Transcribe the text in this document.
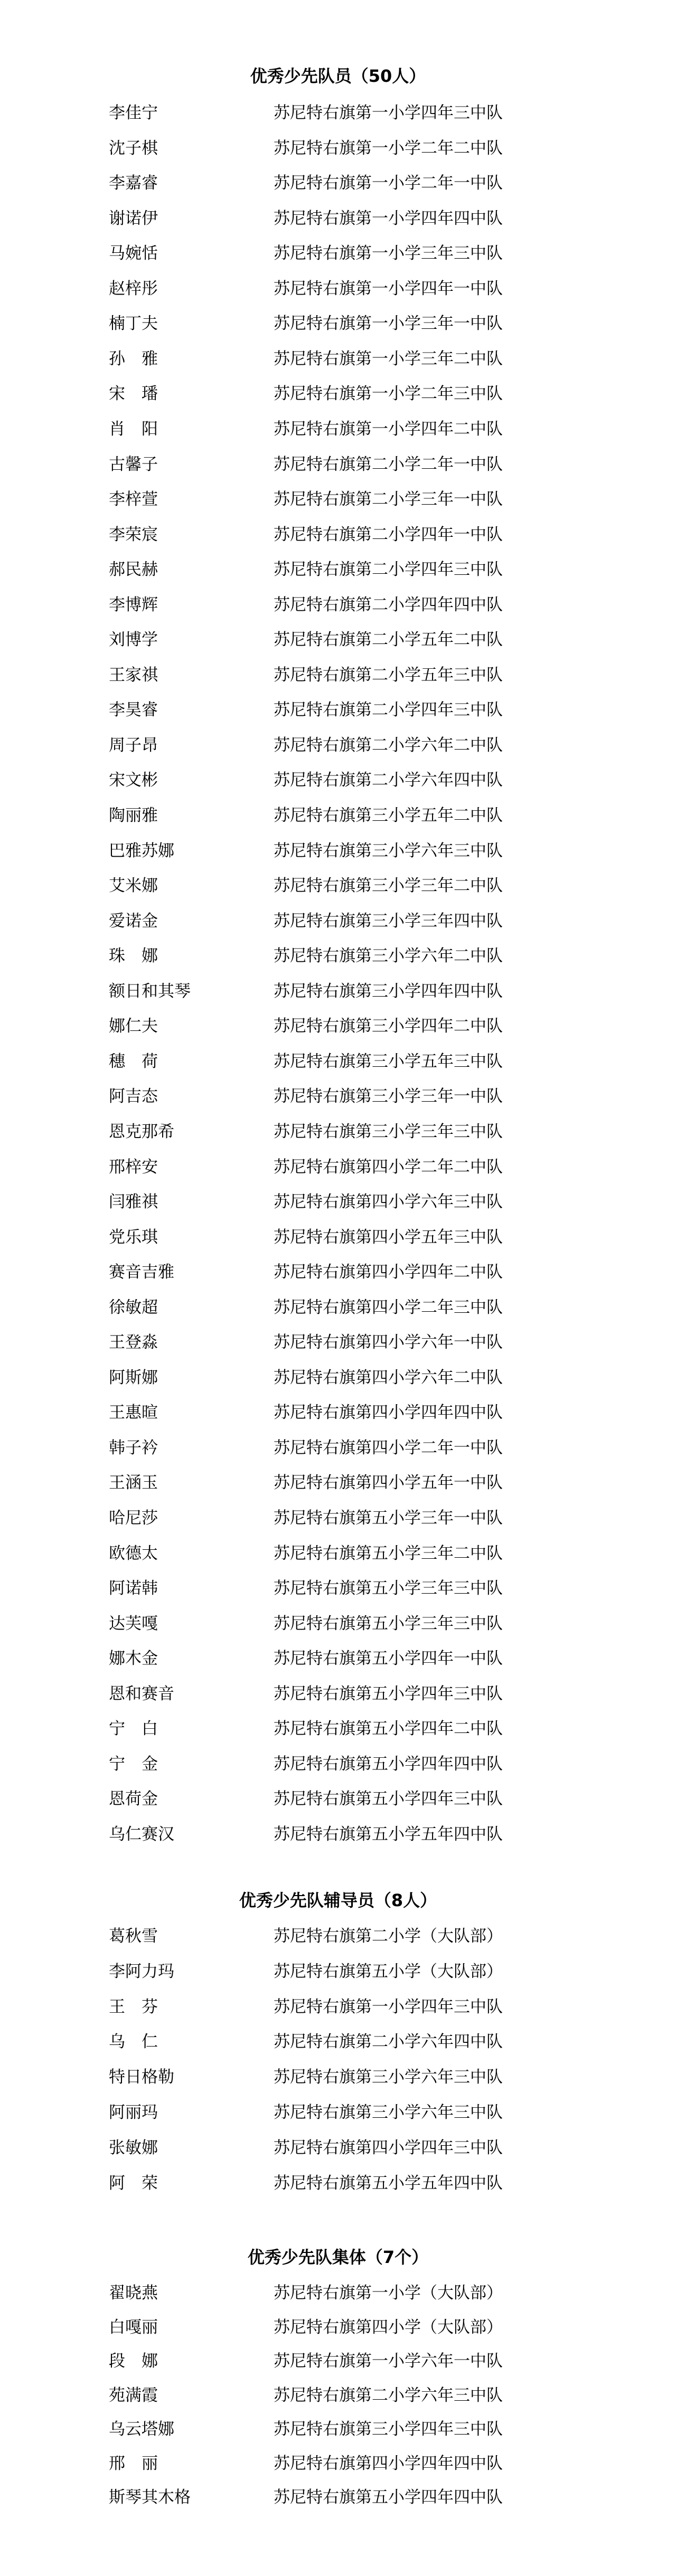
优秀少先队员（50人）
李佳宁	苏尼特右旗第一小学四年三中队
沈子棋	苏尼特右旗第一小学二年二中队
李嘉睿	苏尼特右旗第一小学二年一中队
谢诺伊	苏尼特右旗第一小学四年四中队
马婉恬	苏尼特右旗第一小学三年三中队
赵梓彤	苏尼特右旗第一小学四年一中队
楠丁夫	苏尼特右旗第一小学三年一中队
孙　雅	苏尼特右旗第一小学三年二中队
宋　璠	苏尼特右旗第一小学二年三中队
肖　阳	苏尼特右旗第一小学四年二中队
古馨子	苏尼特右旗第二小学二年一中队
李梓萱	苏尼特右旗第二小学三年一中队
李荣宸	苏尼特右旗第二小学四年一中队
郝民赫	苏尼特右旗第二小学四年三中队
李博辉	苏尼特右旗第二小学四年四中队
刘博学	苏尼特右旗第二小学五年二中队
王家祺	苏尼特右旗第二小学五年三中队
李昊睿	苏尼特右旗第二小学四年三中队
周子昂	苏尼特右旗第二小学六年二中队
宋文彬	苏尼特右旗第二小学六年四中队
陶丽雅	苏尼特右旗第三小学五年二中队
巴雅苏娜	苏尼特右旗第三小学六年三中队
艾米娜	苏尼特右旗第三小学三年二中队
爱诺金	苏尼特右旗第三小学三年四中队
珠　娜	苏尼特右旗第三小学六年二中队
额日和其琴	苏尼特右旗第三小学四年四中队
娜仁夫	苏尼特右旗第三小学四年二中队
穗　荷	苏尼特右旗第三小学五年三中队
阿吉态	苏尼特右旗第三小学三年一中队
恩克那希	苏尼特右旗第三小学三年三中队
邢梓安	苏尼特右旗第四小学二年二中队
闫雅祺	苏尼特右旗第四小学六年三中队
党乐琪	苏尼特右旗第四小学五年三中队
赛音吉雅	苏尼特右旗第四小学四年二中队
徐敏超	苏尼特右旗第四小学二年三中队
王登淼	苏尼特右旗第四小学六年一中队
阿斯娜	苏尼特右旗第四小学六年二中队
王惠暄	苏尼特右旗第四小学四年四中队
韩子衿	苏尼特右旗第四小学二年一中队
王涵玉	苏尼特右旗第四小学五年一中队
哈尼莎	苏尼特右旗第五小学三年一中队
欧德太	苏尼特右旗第五小学三年二中队
阿诺韩	苏尼特右旗第五小学三年三中队
达芙嘎	苏尼特右旗第五小学三年三中队
娜木金	苏尼特右旗第五小学四年一中队
恩和赛音	苏尼特右旗第五小学四年三中队
宁　白	苏尼特右旗第五小学四年二中队
宁　金	苏尼特右旗第五小学四年四中队
恩荷金	苏尼特右旗第五小学四年三中队
乌仁赛汉	苏尼特右旗第五小学五年四中队
优秀少先队辅导员（8人）
葛秋雪	苏尼特右旗第二小学（大队部）
李阿力玛	苏尼特右旗第五小学（大队部）
王　芬	苏尼特右旗第一小学四年三中队
乌　仁	苏尼特右旗第二小学六年四中队
特日格勒	苏尼特右旗第三小学六年三中队
阿丽玛	苏尼特右旗第三小学六年三中队
张敏娜	苏尼特右旗第四小学四年三中队
阿　荣	苏尼特右旗第五小学五年四中队
优秀少先队集体（7个）
翟晓燕	苏尼特右旗第一小学（大队部）
白嘎丽	苏尼特右旗第四小学（大队部）
段　娜	苏尼特右旗第一小学六年一中队
苑满霞	苏尼特右旗第二小学六年三中队
乌云塔娜	苏尼特右旗第三小学四年三中队
邢　丽	苏尼特右旗第四小学四年四中队
斯琴其木格	苏尼特右旗第五小学四年四中队
